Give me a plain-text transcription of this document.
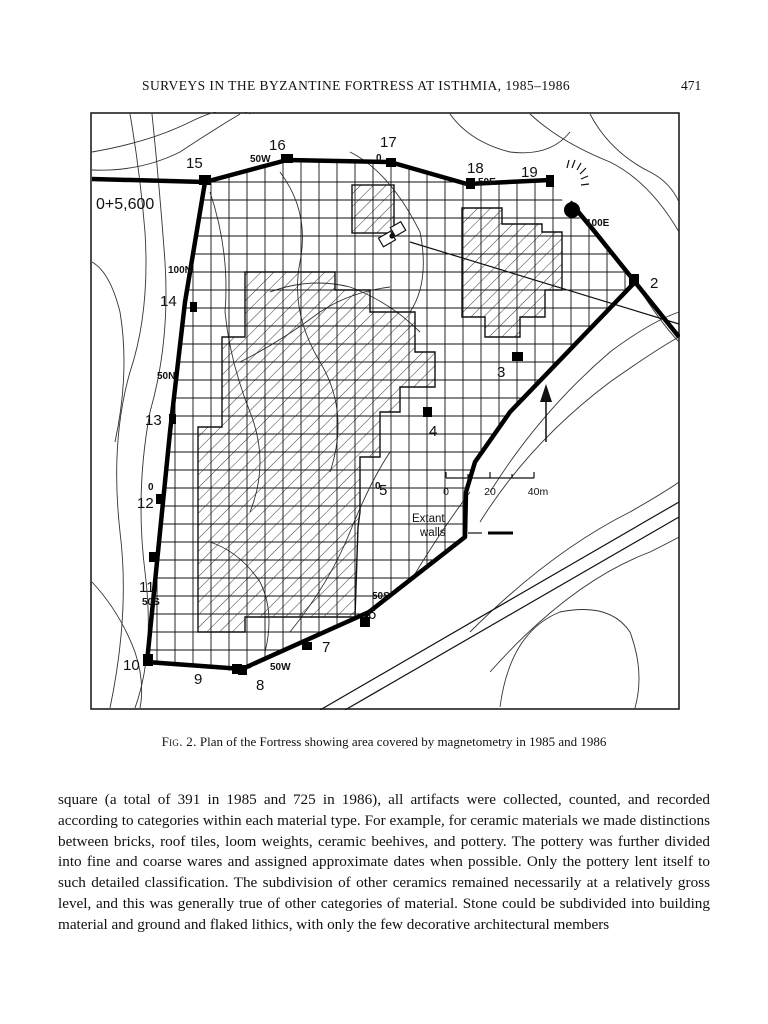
SURVEYS IN THE BYZANTINE FORTRESS AT ISTHMIA, 1985–1986	471
0	20	40m
Extant
walls
0+5,600
2
3
4
5
6
7
8
9
10
11
12
13
14
15
16	17
18 19
50W	0
50E
100E
100N
50N
0
50S
50S
50W
0
Fig. 2. Plan of the Fortress showing area covered by magnetometry in 1985 and 1986
square (a total of 391 in 1985 and 725 in 1986), all artifacts were collected, counted, and recorded according to categories within each material type. For example, for ceramic materials we made distinctions between bricks, roof tiles, loom weights, ceramic beehives, and pottery. The pottery was further divided into fine and coarse wares and assigned approximate dates when possible. Only the pottery lent itself to such detailed classification. The subdivision of other ceramics remained necessarily at a relatively gross level, and this was generally true of other categories of material. Stone could be subdivided into building material and ground and flaked lithics, with only the few decorative architectural members
